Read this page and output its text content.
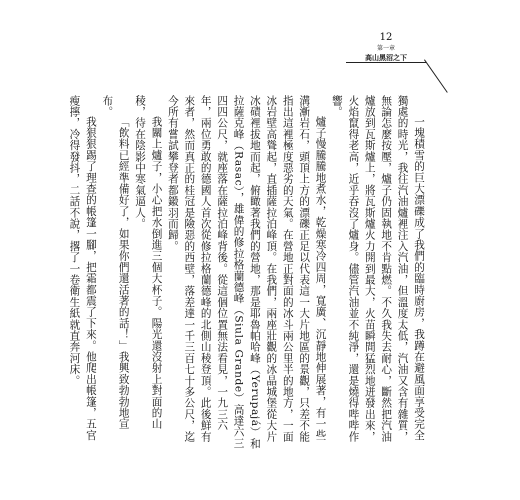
12
第一章
高山黑沼之下

一塊積雪的巨大漂礫成了我們的臨時廚房，我蹲在避風面享受完全獨處的時光，我往汽油爐裡注入汽油，但溫度太低，汽油又含有雜質，無論怎麼按壓，爐子仍固執地不肯點燃。不久我失去耐心，斷然把汽油爐放到瓦斯爐上，將瓦斯爐火力開到最大，火苗瞬間猛烈地迸發出來，火焰竄得老高，近乎吞沒了爐身。儘管汽油並不純淨，還是燒得哔哔作響。

爐子慢騰騰地煮水，乾燥寒冷四周，寬廣、沉靜地伸展著，有一些溝漸岩石，頭頂上方的漂礫正足以代表這一大片地區的景觀，只差不能指出這裡極度惡劣的天氣。在營地正對面的冰斗兩公里半的地方，一面冰岩壁高聳起，直插薩拉泊峰頂。在我們，兩座壯觀的冰晶城堡從大片冰磧裡拔地而起，俯瞰著我們的營地，那是耶魯帕哈峰（Yerupajá）和拉薩克峰（Rasac），雄偉的修拉格蘭德峰（Siula Grande）高達六三四四公尺，就座落在薩拉泊峰背後。從這個位置無法看見，一九三六年，兩位勇敢的德國人首次從修拉格蘭德峰的北側山稜登頂。此後鮮有來者，然而真正的桂冠是險惡的西壁，落差達一千三百七十多公尺，迄今所有嘗試攀登者都鎩羽而歸。

我關上爐子，小心把水倒進三個大杯子。陽光還沒射上對面的山稜，待在陰影中寒氣逼人。

「飲料已經準備好了，如果你們還活著的話！」我興致勃勃地宣布。

我狠狠踢了理查的帳篷一腳，把霜都震了下來。他爬出帳篷，五官瘦擰，冷得發抖，二話不說，撂了一卷衛生紙就直奔河床。
